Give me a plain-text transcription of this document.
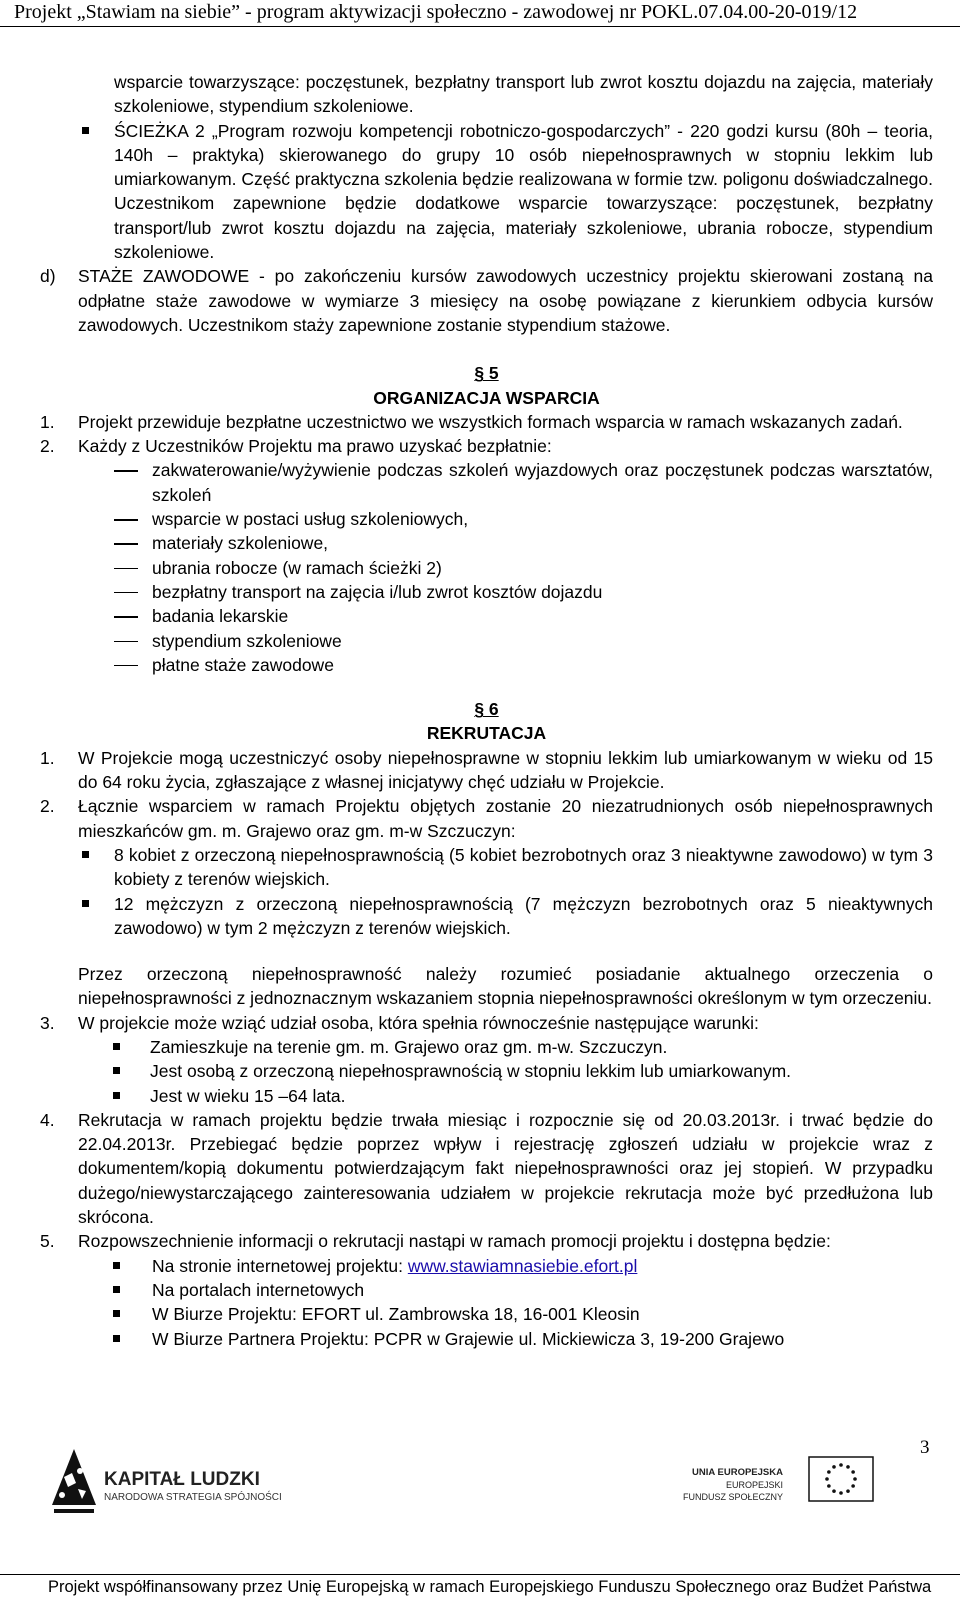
Projekt „Stawiam na siebie” - program aktywizacji społeczno - zawodowej nr POKL.07.04.00-20-019/12

wsparcie towarzyszące: poczęstunek, bezpłatny transport lub zwrot kosztu dojazdu na zajęcia, materiały szkoleniowe, stypendium szkoleniowe.

ŚCIEŻKA 2 „Program rozwoju kompetencji robotniczo-gospodarczych” - 220 godzi kursu (80h – teoria, 140h – praktyka) skierowanego do grupy 10 osób niepełnosprawnych w stopniu lekkim lub umiarkowanym. Część praktyczna szkolenia będzie realizowana w formie tzw. poligonu doświadczalnego. Uczestnikom zapewnione będzie dodatkowe wsparcie towarzyszące: poczęstunek, bezpłatny transport/lub zwrot kosztu dojazdu na zajęcia, materiały szkoleniowe, ubrania robocze, stypendium szkoleniowe.
d) STAŻE ZAWODOWE - po zakończeniu kursów zawodowych uczestnicy projektu skierowani zostaną na odpłatne staże zawodowe w wymiarze 3 miesięcy na osobę powiązane z kierunkiem odbycia kursów zawodowych. Uczestnikom staży zapewnione zostanie stypendium stażowe.
§ 5
ORGANIZACJA WSPARCIA
1. Projekt przewiduje bezpłatne uczestnictwo we wszystkich formach wsparcia w ramach wskazanych zadań.
2. Każdy z Uczestników Projektu ma prawo uzyskać bezpłatnie:
zakwaterowanie/wyżywienie podczas szkoleń wyjazdowych oraz poczęstunek podczas warsztatów, szkoleń
wsparcie w postaci usług szkoleniowych,
materiały szkoleniowe,
ubrania robocze (w ramach ścieżki 2)
bezpłatny transport na zajęcia i/lub zwrot kosztów dojazdu
badania lekarskie
stypendium szkoleniowe
płatne staże zawodowe
§ 6
REKRUTACJA
1. W Projekcie mogą uczestniczyć osoby niepełnosprawne w stopniu lekkim lub umiarkowanym w wieku od 15 do 64 roku życia, zgłaszające z własnej inicjatywy chęć udziału w Projekcie.
2. Łącznie wsparciem w ramach Projektu objętych zostanie 20 niezatrudnionych osób niepełnosprawnych mieszkańców gm. m. Grajewo oraz gm. m-w Szczuczyn:
8 kobiet z orzeczoną niepełnosprawnością (5 kobiet bezrobotnych oraz 3 nieaktywne zawodowo) w tym 3 kobiety z terenów wiejskich.
12 mężczyzn z orzeczoną niepełnosprawnością (7 mężczyzn bezrobotnych oraz 5 nieaktywnych zawodowo) w tym 2 mężczyzn z terenów wiejskich.

Przez orzeczoną niepełnosprawność należy rozumieć posiadanie aktualnego orzeczenia o niepełnosprawności z jednoznacznym wskazaniem stopnia niepełnosprawności określonym w tym orzeczeniu.

3. W projekcie może wziąć udział osoba, która spełnia równocześnie następujące warunki:
Zamieszkuje na terenie gm. m. Grajewo oraz gm. m-w. Szczuczyn.
Jest osobą z orzeczoną niepełnosprawnością w stopniu lekkim lub umiarkowanym.
Jest w wieku 15 –64 lata.
4. Rekrutacja w ramach projektu będzie trwała miesiąc i rozpocznie się od 20.03.2013r. i trwać będzie do 22.04.2013r. Przebiegać będzie poprzez wpływ i rejestrację zgłoszeń udziału w projekcie wraz z dokumentem/kopią dokumentu potwierdzającym fakt niepełnosprawności oraz jej stopień. W przypadku dużego/niewystarczającego zainteresowania udziałem w projekcie rekrutacja może być przedłużona lub skrócona.
5. Rozpowszechnienie informacji o rekrutacji nastąpi w ramach promocji projektu i dostępna będzie:
Na stronie internetowej projektu: www.stawiamnasiebie.efort.pl
Na portalach internetowych
W Biurze Projektu: EFORT ul. Zambrowska 18, 16-001 Kleosin
W Biurze Partnera Projektu: PCPR w Grajewie ul. Mickiewicza 3, 19-200 Grajewo
3
KAPITAŁ LUDZKI
NARODOWA STRATEGIA SPÓJNOŚCI
UNIA EUROPEJSKA
EUROPEJSKI
FUNDUSZ SPOŁECZNY
Projekt współfinansowany przez Unię Europejską w ramach Europejskiego Funduszu Społecznego oraz Budżet Państwa
